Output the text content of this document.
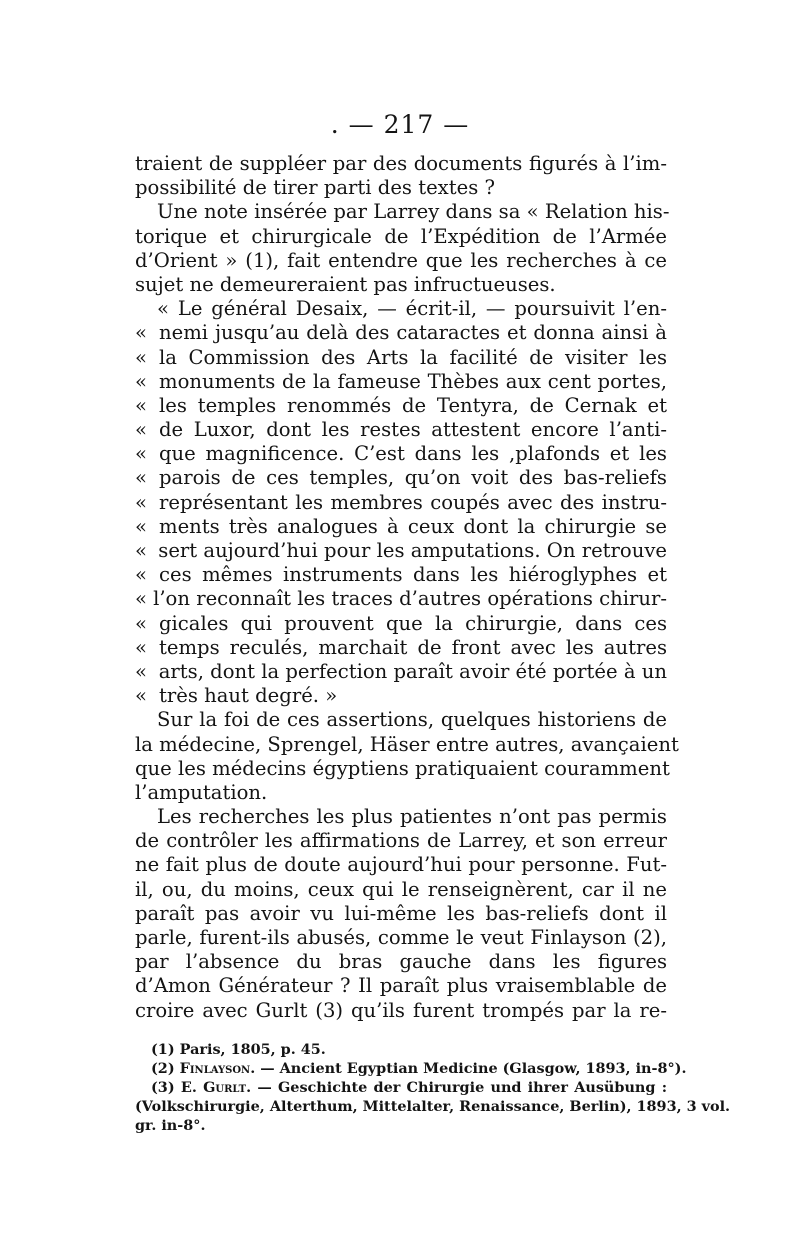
. — 217 —
traient de suppléer par des documents figurés à l’im-
possibilité de tirer parti des textes ?
Une note insérée par Larrey dans sa « Relation his-
torique et chirurgicale de l’Expédition de l’Armée
d’Orient » (1), fait entendre que les recherches à ce
sujet ne demeureraient pas infructueuses.
« Le général Desaix, — écrit-il, — poursuivit l’en-
« nemi jusqu’au delà des cataractes et donna ainsi à
« la Commission des Arts la facilité de visiter les
« monuments de la fameuse Thèbes aux cent portes,
« les temples renommés de Tentyra, de Cernak et
« de Luxor, dont les restes attestent encore l’anti-
« que magnificence. C’est dans les ,plafonds et les
« parois de ces temples, qu’on voit des bas-reliefs
« représentant les membres coupés avec des instru-
« ments très analogues à ceux dont la chirurgie se
« sert aujourd’hui pour les amputations. On retrouve
« ces mêmes instruments dans les hiéroglyphes et
« l’on reconnaît les traces d’autres opérations chirur-
« gicales qui prouvent que la chirurgie, dans ces
« temps reculés, marchait de front avec les autres
« arts, dont la perfection paraît avoir été portée à un
« très haut degré. »
Sur la foi de ces assertions, quelques historiens de
la médecine, Sprengel, Häser entre autres, avançaient
que les médecins égyptiens pratiquaient couramment
l’amputation.
Les recherches les plus patientes n’ont pas permis
de contrôler les affirmations de Larrey, et son erreur
ne fait plus de doute aujourd’hui pour personne. Fut-
il, ou, du moins, ceux qui le renseignèrent, car il ne
paraît pas avoir vu lui-même les bas-reliefs dont il
parle, furent-ils abusés, comme le veut Finlayson (2),
par l’absence du bras gauche dans les figures
d’Amon Générateur ? Il paraît plus vraisemblable de
croire avec Gurlt (3) qu’ils furent trompés par la re-
(1) Paris, 1805, p. 45.
(2) Finlayson. — Ancient Egyptian Medicine (Glasgow, 1893, in-8°).
(3) E. Gurlt. — Geschichte der Chirurgie und ihrer Ausübung :
(Volkschirurgie, Alterthum, Mittelalter, Renaissance, Berlin), 1893, 3 vol.
gr. in-8°.
